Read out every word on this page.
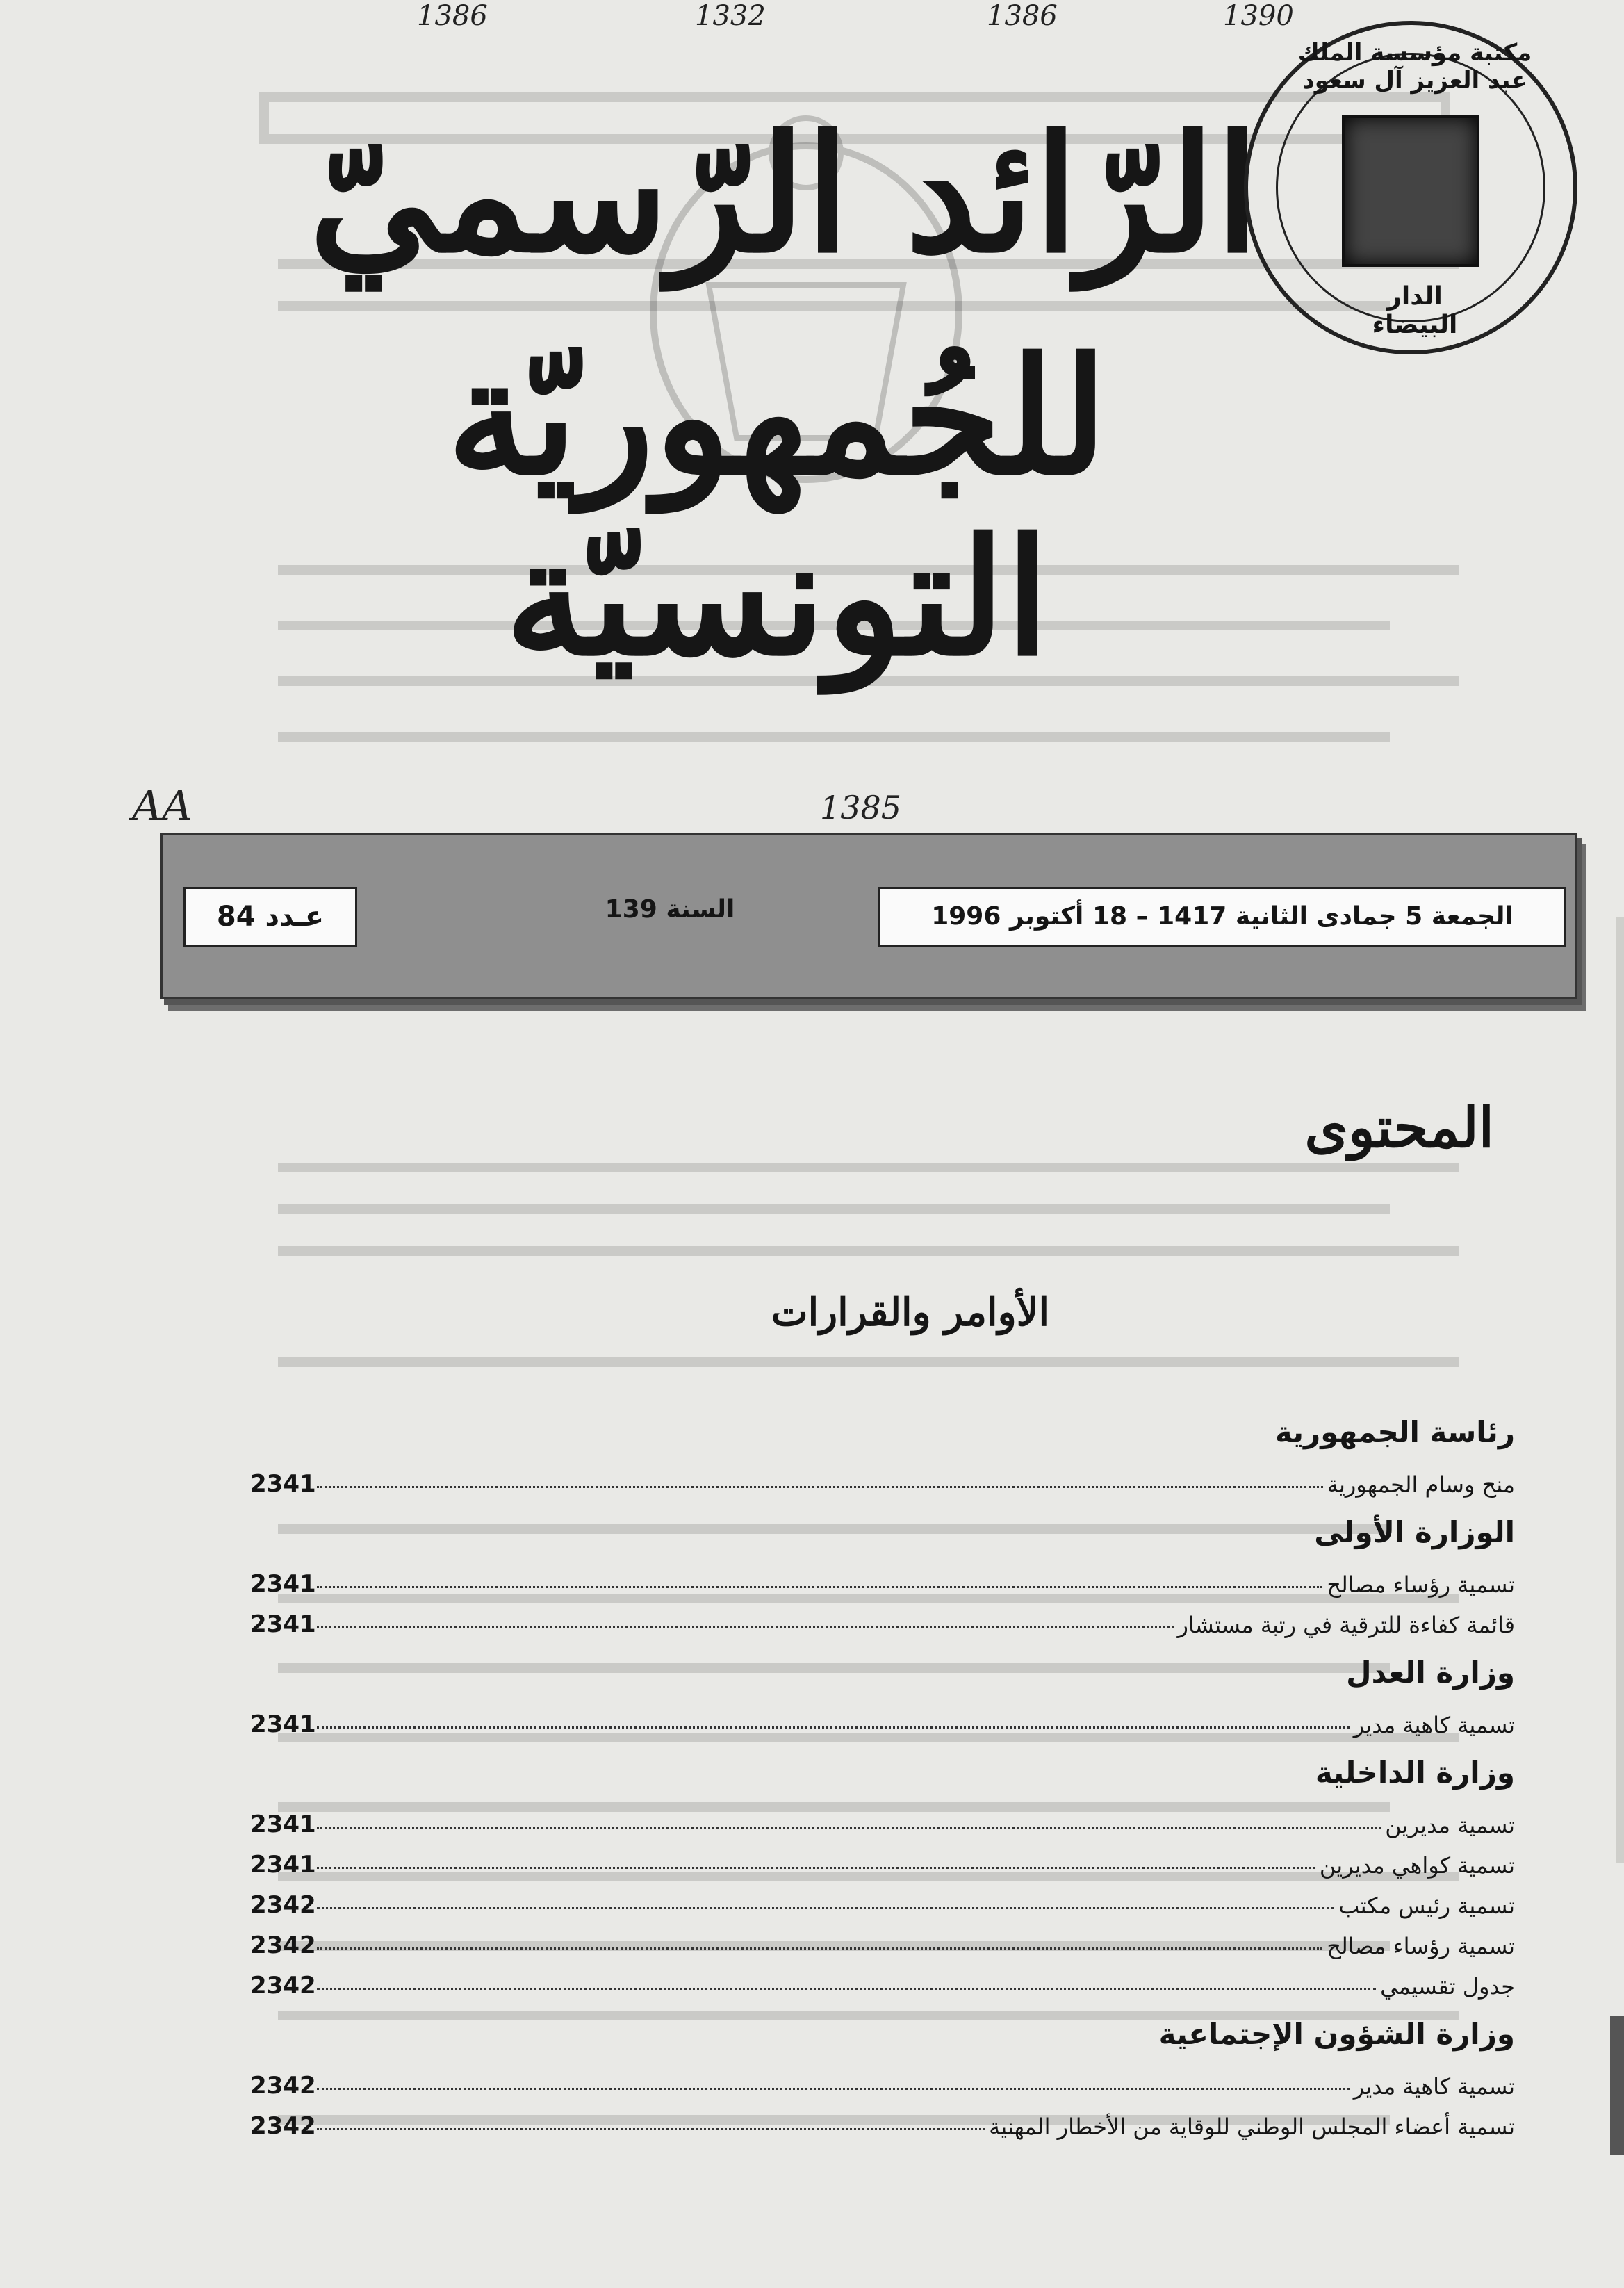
1386	1332	1386	1390
الرّائد الرّسميّ
للجُمهوريّة التونسيّة
مكتبة مؤسسة الملك عبد العزيز آل سعود
الدار البيضاء
AA	1385
الجمعة 5 جمادى الثانية 1417 – 18 أكتوبر 1996
عـدد 84	السنة 139
المحتوى
الأوامر والقرارات
رئاسة الجمهورية
2341	منح وسام الجمهورية
الوزارة الأولى
2341	تسمية رؤساء مصالح
2341	قائمة كفاءة للترقية في رتبة مستشار
وزارة العدل
2341	تسمية كاهية مدير
وزارة الداخلية
2341	تسمية مديرين
2341	تسمية كواهي مديرين
2342	تسمية رئيس مكتب
2342	تسمية رؤساء مصالح
2342	جدول تقسيمي
وزارة الشؤون الإجتماعية
2342	تسمية كاهية مدير
2342	تسمية أعضاء المجلس الوطني للوقاية من الأخطار المهنية
